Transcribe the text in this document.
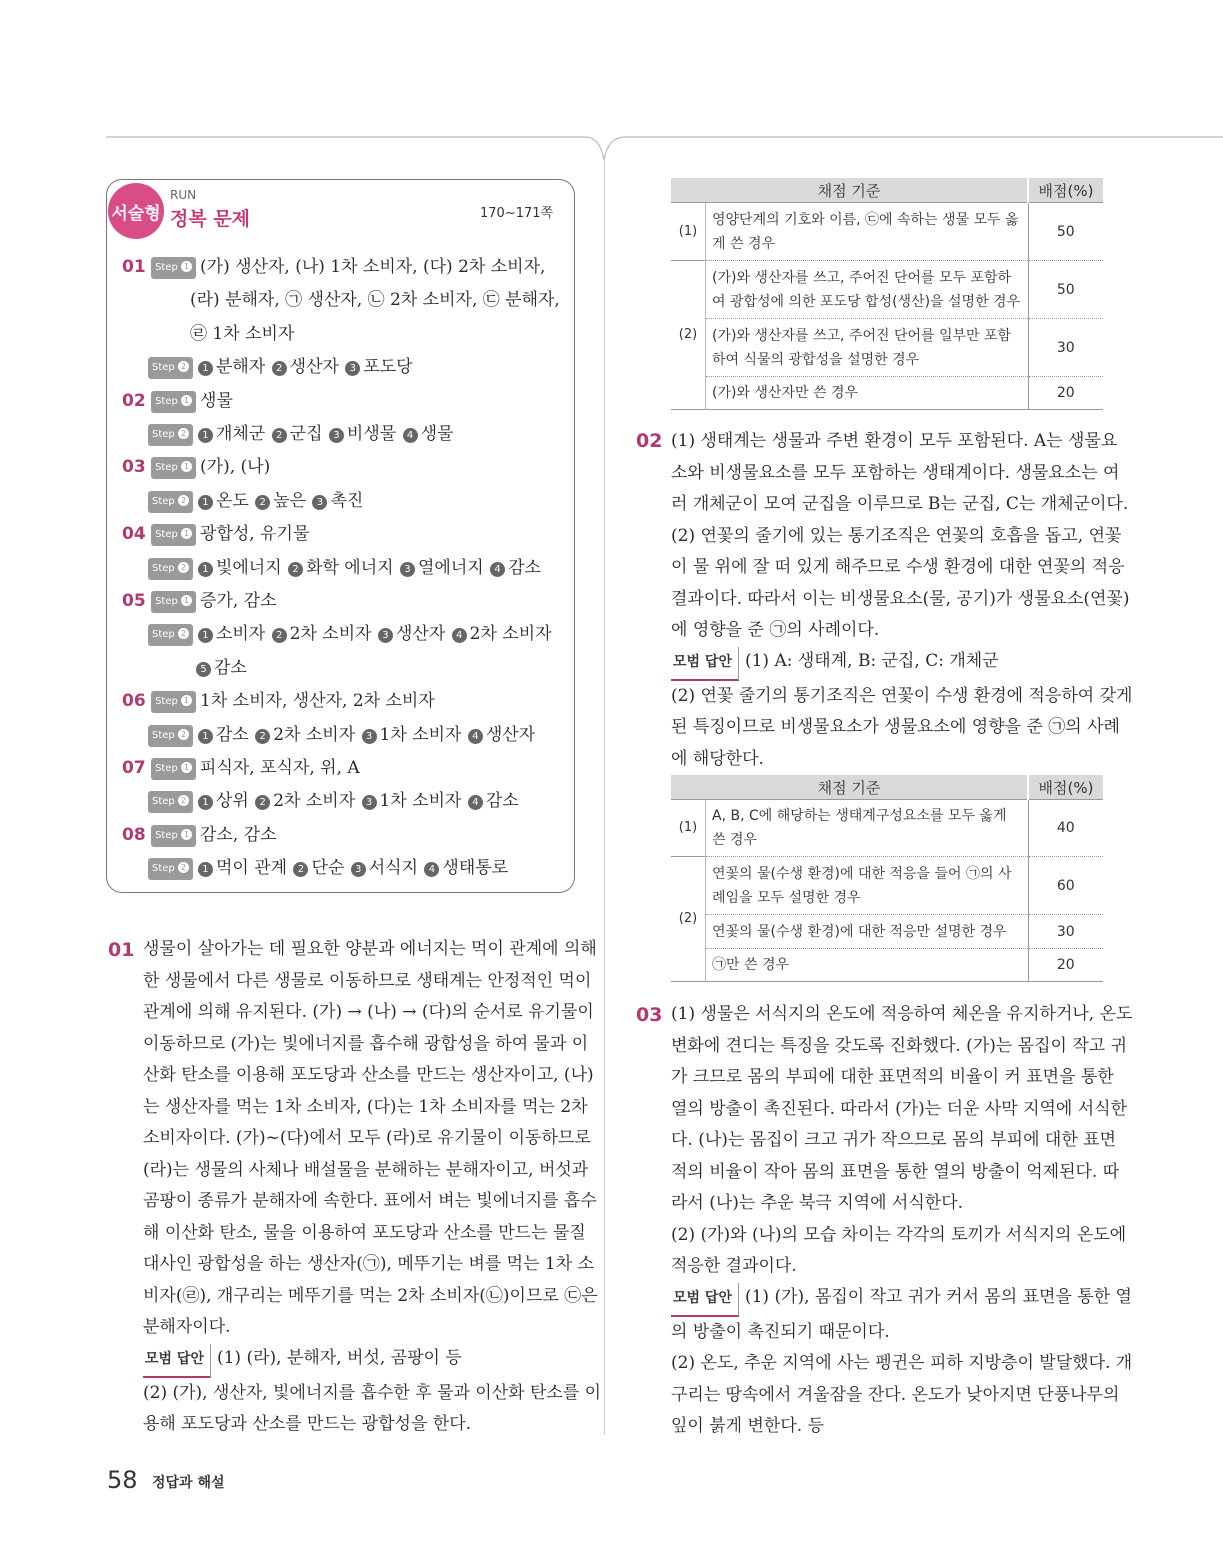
서술형
RUN
정복 문제	170~171쪽
01 Step 1 (가) 생산자, (나) 1차 소비자, (다) 2차 소비자,
(라) 분해자, ㉠ 생산자, ㉡ 2차 소비자, ㉢ 분해자,
㉣ 1차 소비자
Step 2 1 분해자 2 생산자 3 포도당
02 Step 1 생물
Step 2 1 개체군 2 군집 3 비생물 4 생물
03 Step 1 (가), (나)
Step 2 1 온도 2 높은 3 촉진
04 Step 1 광합성, 유기물
Step 2 1 빛에너지 2 화학 에너지 3 열에너지 4 감소
05 Step 1 증가, 감소
Step 2 1 소비자 2 2차 소비자 3 생산자 4 2차 소비자
5 감소
06 Step 1 1차 소비자, 생산자, 2차 소비자
Step 2 1 감소 2 2차 소비자 3 1차 소비자 4 생산자
07 Step 1 피식자, 포식자, 위, A
Step 2 1 상위 2 2차 소비자 3 1차 소비자 4 감소
08 Step 1 감소, 감소
Step 2 1 먹이 관계 2 단순 3 서식지 4 생태통로
01 생물이 살아가는 데 필요한 양분과 에너지는 먹이 관계에 의해
한 생물에서 다른 생물로 이동하므로 생태계는 안정적인 먹이
관계에 의해 유지된다. (가) → (나) → (다)의 순서로 유기물이
이동하므로 (가)는 빛에너지를 흡수해 광합성을 하여 물과 이
산화 탄소를 이용해 포도당과 산소를 만드는 생산자이고, (나)
는 생산자를 먹는 1차 소비자, (다)는 1차 소비자를 먹는 2차
소비자이다. (가)~(다)에서 모두 (라)로 유기물이 이동하므로
(라)는 생물의 사체나 배설물을 분해하는 분해자이고, 버섯과
곰팡이 종류가 분해자에 속한다. 표에서 벼는 빛에너지를 흡수
해 이산화 탄소, 물을 이용하여 포도당과 산소를 만드는 물질
대사인 광합성을 하는 생산자(㉠), 메뚜기는 벼를 먹는 1차 소
비자(㉣), 개구리는 메뚜기를 먹는 2차 소비자(㉡)이므로 ㉢은
분해자이다.
모범 답안 (1) (라), 분해자, 버섯, 곰팡이 등
(2) (가), 생산자, 빛에너지를 흡수한 후 물과 이산화 탄소를 이
용해 포도당과 산소를 만드는 광합성을 한다.
채점 기준		배점(%)
(1)	영양단계의 기호와 이름, ㉢에 속하는 생물 모두 옳게 쓴 경우	50
(2)	(가)와 생산자를 쓰고, 주어진 단어를 모두 포함하여 광합성에 의한 포도당 합성(생산)을 설명한 경우	50
	(가)와 생산자를 쓰고, 주어진 단어를 일부만 포함하여 식물의 광합성을 설명한 경우	30
	(가)와 생산자만 쓴 경우	20
02 (1) 생태계는 생물과 주변 환경이 모두 포함된다. A는 생물요
소와 비생물요소를 모두 포함하는 생태계이다. 생물요소는 여
러 개체군이 모여 군집을 이루므로 B는 군집, C는 개체군이다.
(2) 연꽃의 줄기에 있는 통기조직은 연꽃의 호흡을 돕고, 연꽃
이 물 위에 잘 떠 있게 해주므로 수생 환경에 대한 연꽃의 적응
결과이다. 따라서 이는 비생물요소(물, 공기)가 생물요소(연꽃)
에 영향을 준 ㉠의 사례이다.
모범 답안 (1) A: 생태계, B: 군집, C: 개체군
(2) 연꽃 줄기의 통기조직은 연꽃이 수생 환경에 적응하여 갖게
된 특징이므로 비생물요소가 생물요소에 영향을 준 ㉠의 사례
에 해당한다.
채점 기준		배점(%)
(1)	A, B, C에 해당하는 생태계구성요소를 모두 옳게 쓴 경우	40
(2)	연꽃의 물(수생 환경)에 대한 적응을 들어 ㉠의 사례임을 모두 설명한 경우	60
	연꽃의 물(수생 환경)에 대한 적응만 설명한 경우	30
	㉠만 쓴 경우	20
03 (1) 생물은 서식지의 온도에 적응하여 체온을 유지하거나, 온도
변화에 견디는 특징을 갖도록 진화했다. (가)는 몸집이 작고 귀
가 크므로 몸의 부피에 대한 표면적의 비율이 커 표면을 통한
열의 방출이 촉진된다. 따라서 (가)는 더운 사막 지역에 서식한
다. (나)는 몸집이 크고 귀가 작으므로 몸의 부피에 대한 표면
적의 비율이 작아 몸의 표면을 통한 열의 방출이 억제된다. 따
라서 (나)는 추운 북극 지역에 서식한다.
(2) (가)와 (나)의 모습 차이는 각각의 토끼가 서식지의 온도에
적응한 결과이다.
모범 답안 (1) (가), 몸집이 작고 귀가 커서 몸의 표면을 통한 열
의 방출이 촉진되기 때문이다.
(2) 온도, 추운 지역에 사는 펭귄은 피하 지방층이 발달했다. 개
구리는 땅속에서 겨울잠을 잔다. 온도가 낮아지면 단풍나무의
잎이 붉게 변한다. 등
58 정답과 해설
